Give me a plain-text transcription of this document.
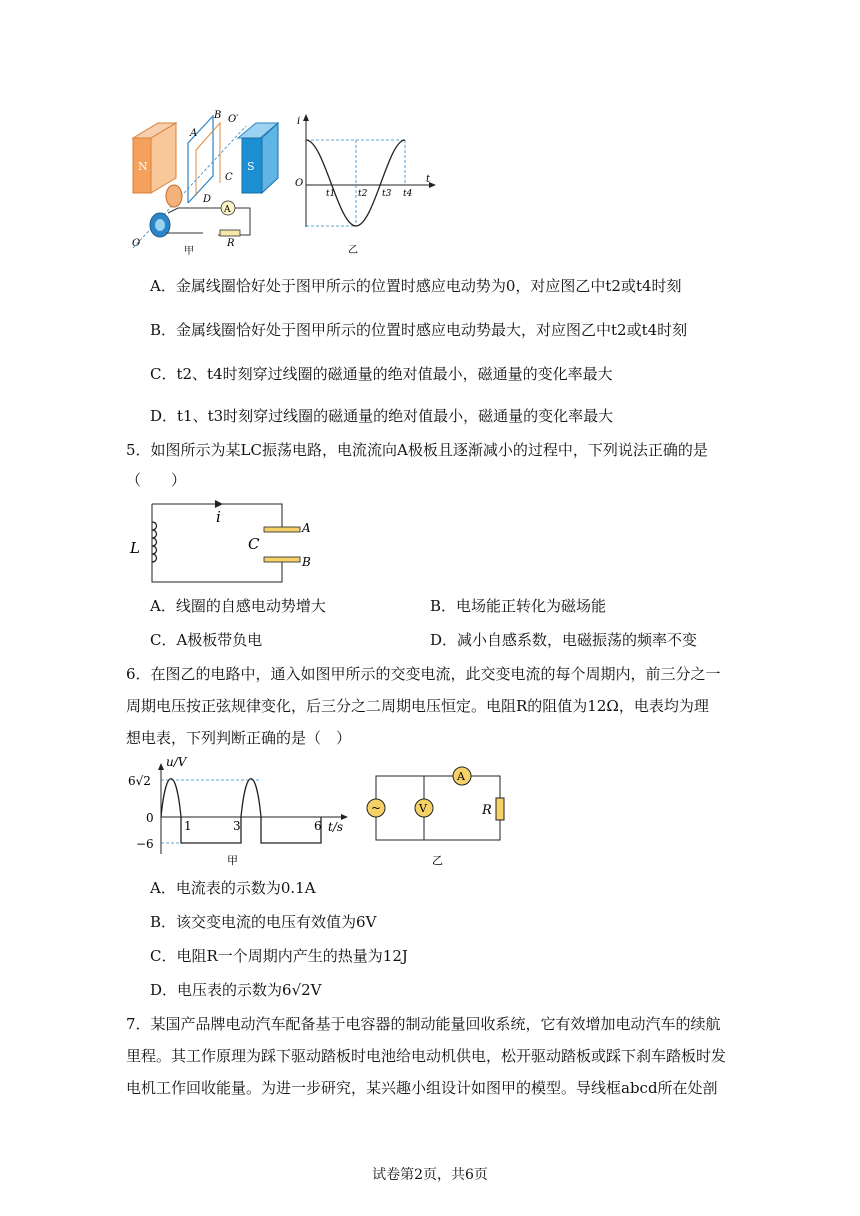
N	S
A
B
C
D
O′
A
R
O
甲
i
t
O
t1	t2 t3 t4
乙
A．金属线圈恰好处于图甲所示的位置时感应电动势为0，对应图乙中t2或t4时刻
B．金属线圈恰好处于图甲所示的位置时感应电动势最大，对应图乙中t2或t4时刻
C．t2、t4时刻穿过线圈的磁通量的绝对值最小，磁通量的变化率最大
D．t1、t3时刻穿过线圈的磁通量的绝对值最小，磁通量的变化率最大
5．如图所示为某LC振荡电路，电流流向A极板且逐渐减小的过程中，下列说法正确的是
（　　）
L	C
i
A
B
A．线圈的自感电动势增大	B．电场能正转化为磁场能
C．A极板带负电	D．减小自感系数，电磁振荡的频率不变
6．在图乙的电路中，通入如图甲所示的交变电流，此交变电流的每个周期内，前三分之一
周期电压按正弦规律变化，后三分之二周期电压恒定。电阻R的阻值为12Ω，电表均为理
想电表，下列判断正确的是（　）
u/V
t/s
6√2
0
−6
1	3	6
甲
~	V
A
R
乙
A．电流表的示数为0.1A
B．该交变电流的电压有效值为6V
C．电阻R一个周期内产生的热量为12J
D．电压表的示数为6√2V
7．某国产品牌电动汽车配备基于电容器的制动能量回收系统，它有效增加电动汽车的续航
里程。其工作原理为踩下驱动踏板时电池给电动机供电，松开驱动踏板或踩下刹车踏板时发
电机工作回收能量。为进一步研究，某兴趣小组设计如图甲的模型。导线框abcd所在处剖
试卷第2页，共6页
